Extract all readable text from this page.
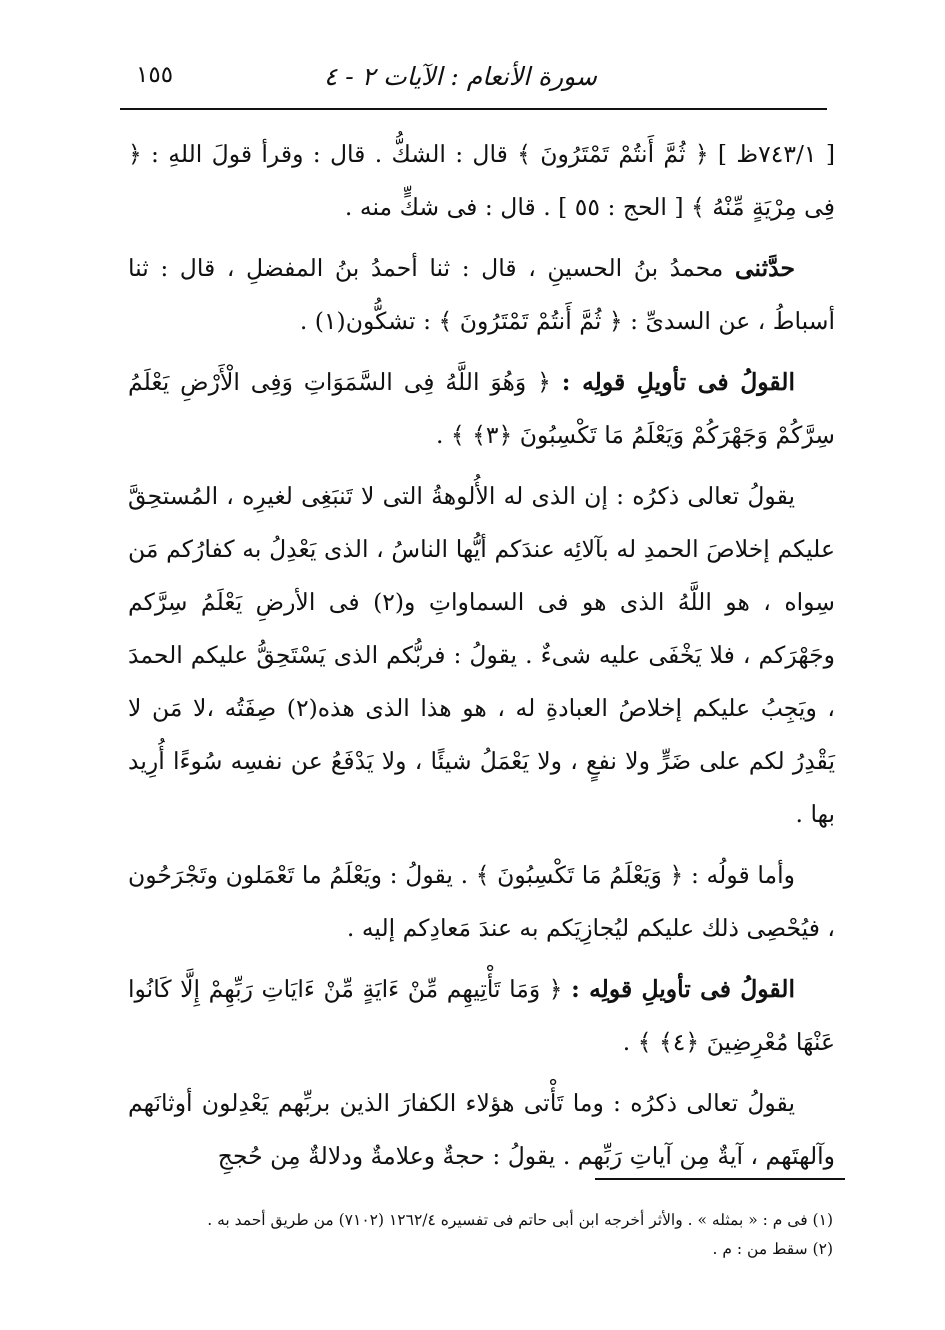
سورة الأنعام : الآيات ٢ - ٤
١٥٥

[ ٧٤٣/١ظ ] ﴿ ثُمَّ أَنتُمْ تَمْتَرُونَ ﴾ قال : الشكُّ . قال : وقرأ قولَ اللهِ : ﴿ فِى مِرْيَةٍ مِّنْهُ ﴾ [ الحج : ٥٥ ] . قال : فى شكٍّ منه .

حدَّثنى محمدُ بنُ الحسينِ ، قال : ثنا أحمدُ بنُ المفضلِ ، قال : ثنا أسباطُ ، عن السدىِّ : ﴿ ثُمَّ أَنتُمْ تَمْتَرُونَ ﴾ : تشكُّون(١) .

القولُ فى تأويلِ قولِه : ﴿ وَهُوَ اللَّهُ فِى السَّمَوَاتِ وَفِى الْأَرْضِ يَعْلَمُ سِرَّكُمْ وَجَهْرَكُمْ وَيَعْلَمُ مَا تَكْسِبُونَ ﴿٣﴾ ﴾ .

يقولُ تعالى ذكرُه : إن الذى له الأُلوهةُ التى لا تَنبَغِى لغيرِه ، المُستحِقَّ عليكم إخلاصَ الحمدِ له بآلائِه عندَكم أيُّها الناسُ ، الذى يَعْدِلُ به كفارُكم مَن سِواه ، هو اللَّهُ الذى هو فى السماواتِ و(٢) فى الأرضِ يَعْلَمُ سِرَّكم وجَهْرَكم ، فلا يَخْفَى عليه شىءٌ . يقولُ : فربُّكم الذى يَسْتَحِقُّ عليكم الحمدَ ، ويَجِبُ عليكم إخلاصُ العبادةِ له ، هو هذا الذى هذه(٢) صِفَتُه ،لا مَن لا يَقْدِرُ لكم على ضَرٍّ ولا نفعٍ ، ولا يَعْمَلُ شيئًا ، ولا يَدْفَعُ عن نفسِه سُوءًا أُرِيد بها .

وأما قولُه : ﴿ وَيَعْلَمُ مَا تَكْسِبُونَ ﴾ . يقولُ : ويَعْلَمُ ما تَعْمَلون وتَجْرَحُون ، فيُحْصِى ذلك عليكم ليُجازِيَكم به عندَ مَعادِكم إليه .

القولُ فى تأويلِ قولِه : ﴿ وَمَا تَأْتِيهِم مِّنْ ءَايَةٍ مِّنْ ءَايَاتِ رَبِّهِمْ إِلَّا كَانُوا عَنْهَا مُعْرِضِينَ ﴿٤﴾ ﴾ .

يقولُ تعالى ذكرُه : وما تَأْتى هؤلاء الكفارَ الذين بربِّهم يَعْدِلون أوثانَهم وآلهتَهم ، آيةٌ مِن آياتِ رَبِّهم . يقولُ : حجةٌ وعلامةٌ ودلالةٌ مِن حُججِ

(١) فى م : « بمثله » . والأثر أخرجه ابن أبى حاتم فى تفسيره ١٢٦٢/٤ (٧١٠٢) من طريق أحمد به .
(٢) سقط من : م .
